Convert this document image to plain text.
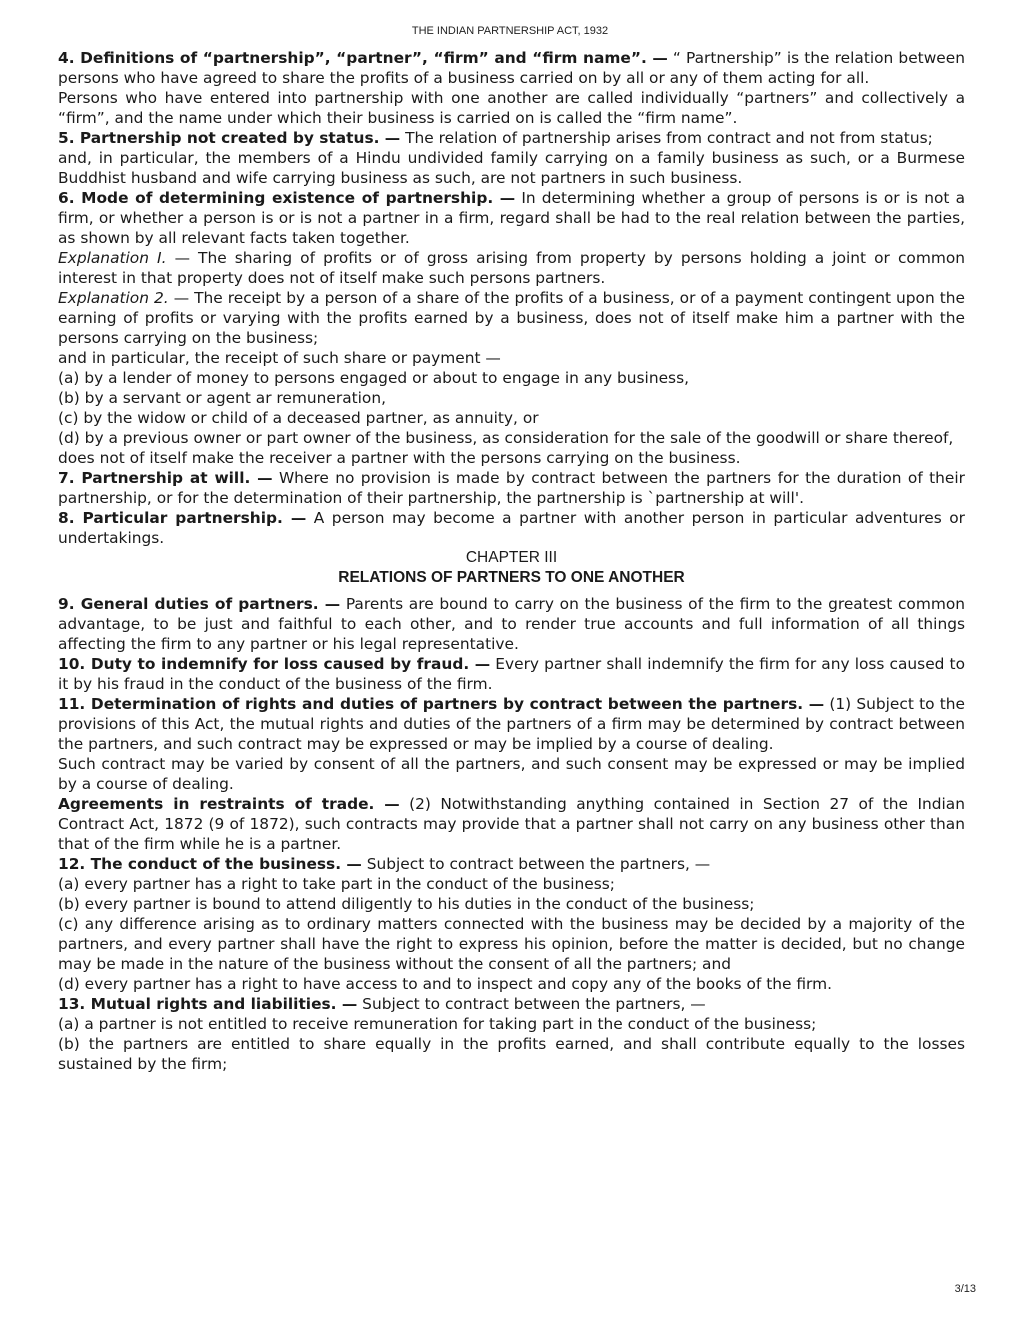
THE INDIAN PARTNERSHIP ACT, 1932

4. Definitions of “partnership”, “partner”, “firm” and “firm name”. — “ Partnership” is the relation between persons who have agreed to share the profits of a business carried on by all or any of them acting for all.

Persons who have entered into partnership with one another are called individually “partners” and collectively a “firm”, and the name under which their business is carried on is called the “firm name”.

5. Partnership not created by status. — The relation of partnership arises from contract and not from status;

and, in particular, the members of a Hindu undivided family carrying on a family business as such, or a Burmese Buddhist husband and wife carrying business as such, are not partners in such business.

6. Mode of determining existence of partnership. — In determining whether a group of persons is or is not a firm, or whether a person is or is not a partner in a firm, regard shall be had to the real relation between the parties, as shown by all relevant facts taken together.

Explanation I. — The sharing of profits or of gross arising from property by persons holding a joint or common interest in that property does not of itself make such persons partners.

Explanation 2. — The receipt by a person of a share of the profits of a business, or of a payment contingent upon the earning of profits or varying with the profits earned by a business, does not of itself make him a partner with the persons carrying on the business;

and in particular, the receipt of such share or payment —

(a) by a lender of money to persons engaged or about to engage in any business,

(b) by a servant or agent ar remuneration,

(c) by the widow or child of a deceased partner, as annuity, or

(d) by a previous owner or part owner of the business, as consideration for the sale of the goodwill or share thereof,

does not of itself make the receiver a partner with the persons carrying on the business.

7. Partnership at will. — Where no provision is made by contract between the partners for the duration of their partnership, or for the determination of their partnership, the partnership is `partnership at will'.

8. Particular partnership. — A person may become a partner with another person in particular adventures or undertakings.

CHAPTER III
RELATIONS OF PARTNERS TO ONE ANOTHER

9. General duties of partners. — Parents are bound to carry on the business of the firm to the greatest common advantage, to be just and faithful to each other, and to render true accounts and full information of all things affecting the firm to any partner or his legal representative.

10. Duty to indemnify for loss caused by fraud. — Every partner shall indemnify the firm for any loss caused to it by his fraud in the conduct of the business of the firm.

11. Determination of rights and duties of partners by contract between the partners. — (1) Subject to the provisions of this Act, the mutual rights and duties of the partners of a firm may be determined by contract between the partners, and such contract may be expressed or may be implied by a course of dealing.

Such contract may be varied by consent of all the partners, and such consent may be expressed or may be implied by a course of dealing.

Agreements in restraints of trade. — (2) Notwithstanding anything contained in Section 27 of the Indian Contract Act, 1872 (9 of 1872), such contracts may provide that a partner shall not carry on any business other than that of the firm while he is a partner.

12. The conduct of the business. — Subject to contract between the partners, —

(a) every partner has a right to take part in the conduct of the business;

(b) every partner is bound to attend diligently to his duties in the conduct of the business;

(c) any difference arising as to ordinary matters connected with the business may be decided by a majority of the partners, and every partner shall have the right to express his opinion, before the matter is decided, but no change may be made in the nature of the business without the consent of all the partners; and

(d) every partner has a right to have access to and to inspect and copy any of the books of the firm.

13. Mutual rights and liabilities. — Subject to contract between the partners, —

(a) a partner is not entitled to receive remuneration for taking part in the conduct of the business;

(b) the partners are entitled to share equally in the profits earned, and shall contribute equally to the losses sustained by the firm;

3/13
